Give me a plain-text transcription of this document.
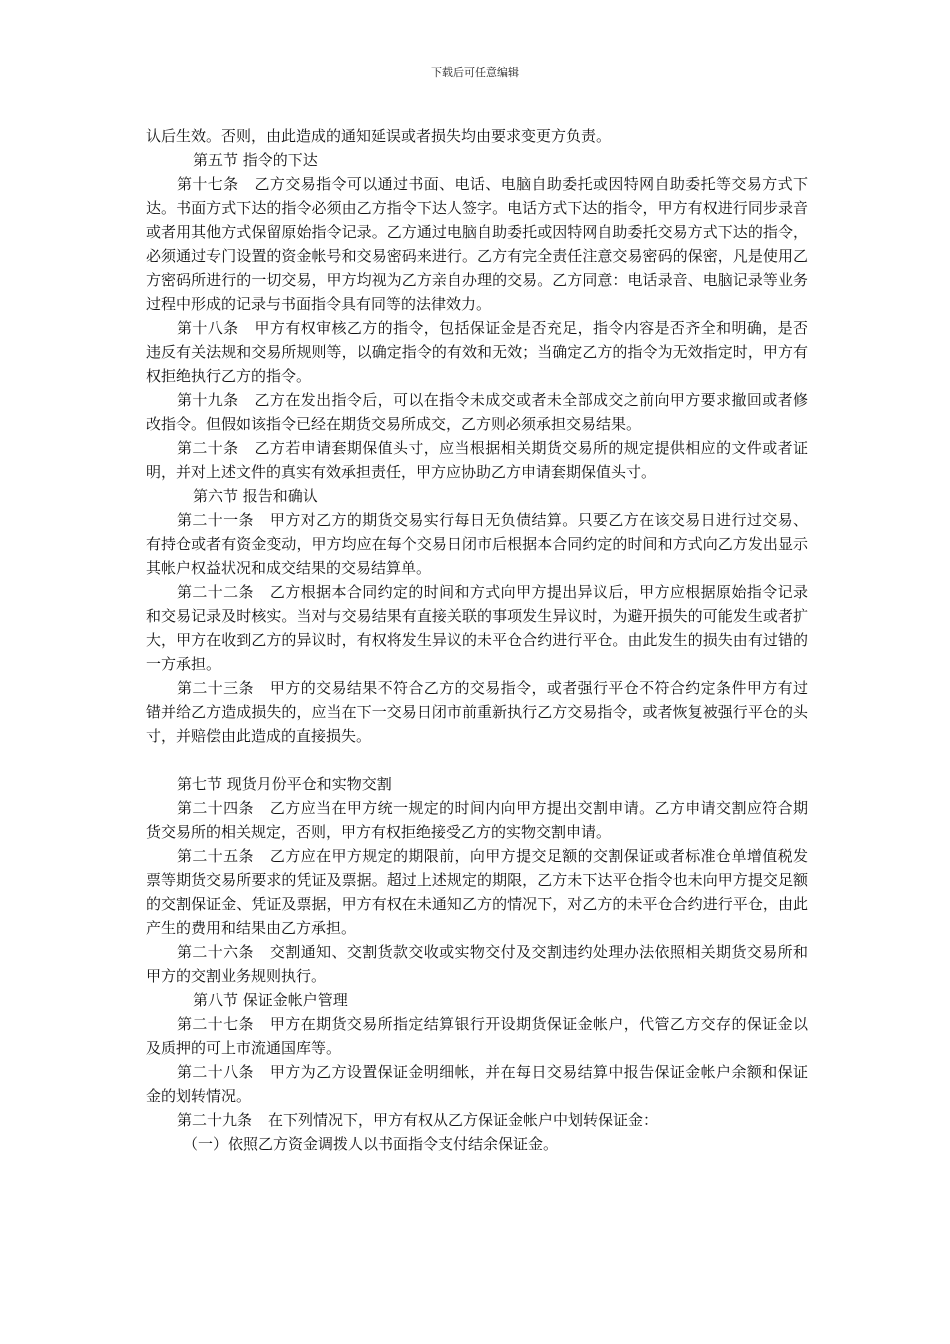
下载后可任意编辑

认后生效。否则，由此造成的通知延误或者损失均由要求变更方负责。

第五节 指令的下达

第十七条 乙方交易指令可以通过书面、电话、电脑自助委托或因特网自助委托等交易方式下达。书面方式下达的指令必须由乙方指令下达人签字。电话方式下达的指令，甲方有权进行同步录音或者用其他方式保留原始指令记录。乙方通过电脑自助委托或因特网自助委托交易方式下达的指令，必须通过专门设置的资金帐号和交易密码来进行。乙方有完全责任注意交易密码的保密，凡是使用乙方密码所进行的一切交易，甲方均视为乙方亲自办理的交易。乙方同意：电话录音、电脑记录等业务过程中形成的记录与书面指令具有同等的法律效力。

第十八条 甲方有权审核乙方的指令，包括保证金是否充足，指令内容是否齐全和明确，是否违反有关法规和交易所规则等，以确定指令的有效和无效；当确定乙方的指令为无效指定时，甲方有权拒绝执行乙方的指令。

第十九条 乙方在发出指令后，可以在指令未成交或者未全部成交之前向甲方要求撤回或者修改指令。但假如该指令已经在期货交易所成交，乙方则必须承担交易结果。

第二十条 乙方若申请套期保值头寸，应当根据相关期货交易所的规定提供相应的文件或者证明，并对上述文件的真实有效承担责任，甲方应协助乙方申请套期保值头寸。

第六节 报告和确认

第二十一条 甲方对乙方的期货交易实行每日无负债结算。只要乙方在该交易日进行过交易、有持仓或者有资金变动，甲方均应在每个交易日闭市后根据本合同约定的时间和方式向乙方发出显示其帐户权益状况和成交结果的交易结算单。

第二十二条 乙方根据本合同约定的时间和方式向甲方提出异议后，甲方应根据原始指令记录和交易记录及时核实。当对与交易结果有直接关联的事项发生异议时，为避开损失的可能发生或者扩大，甲方在收到乙方的异议时，有权将发生异议的未平仓合约进行平仓。由此发生的损失由有过错的一方承担。

第二十三条 甲方的交易结果不符合乙方的交易指令，或者强行平仓不符合约定条件甲方有过错并给乙方造成损失的，应当在下一交易日闭市前重新执行乙方交易指令，或者恢复被强行平仓的头寸，并赔偿由此造成的直接损失。

第七节 现货月份平仓和实物交割

第二十四条 乙方应当在甲方统一规定的时间内向甲方提出交割申请。乙方申请交割应符合期货交易所的相关规定，否则，甲方有权拒绝接受乙方的实物交割申请。

第二十五条 乙方应在甲方规定的期限前，向甲方提交足额的交割保证或者标准仓单增值税发票等期货交易所要求的凭证及票据。超过上述规定的期限，乙方未下达平仓指令也未向甲方提交足额的交割保证金、凭证及票据，甲方有权在未通知乙方的情况下，对乙方的未平仓合约进行平仓，由此产生的费用和结果由乙方承担。

第二十六条 交割通知、交割货款交收或实物交付及交割违约处理办法依照相关期货交易所和甲方的交割业务规则执行。

第八节 保证金帐户管理

第二十七条 甲方在期货交易所指定结算银行开设期货保证金帐户，代管乙方交存的保证金以及质押的可上市流通国库等。

第二十八条 甲方为乙方设置保证金明细帐，并在每日交易结算中报告保证金帐户余额和保证金的划转情况。

第二十九条 在下列情况下，甲方有权从乙方保证金帐户中划转保证金：

（一）依照乙方资金调拨人以书面指令支付结余保证金。
